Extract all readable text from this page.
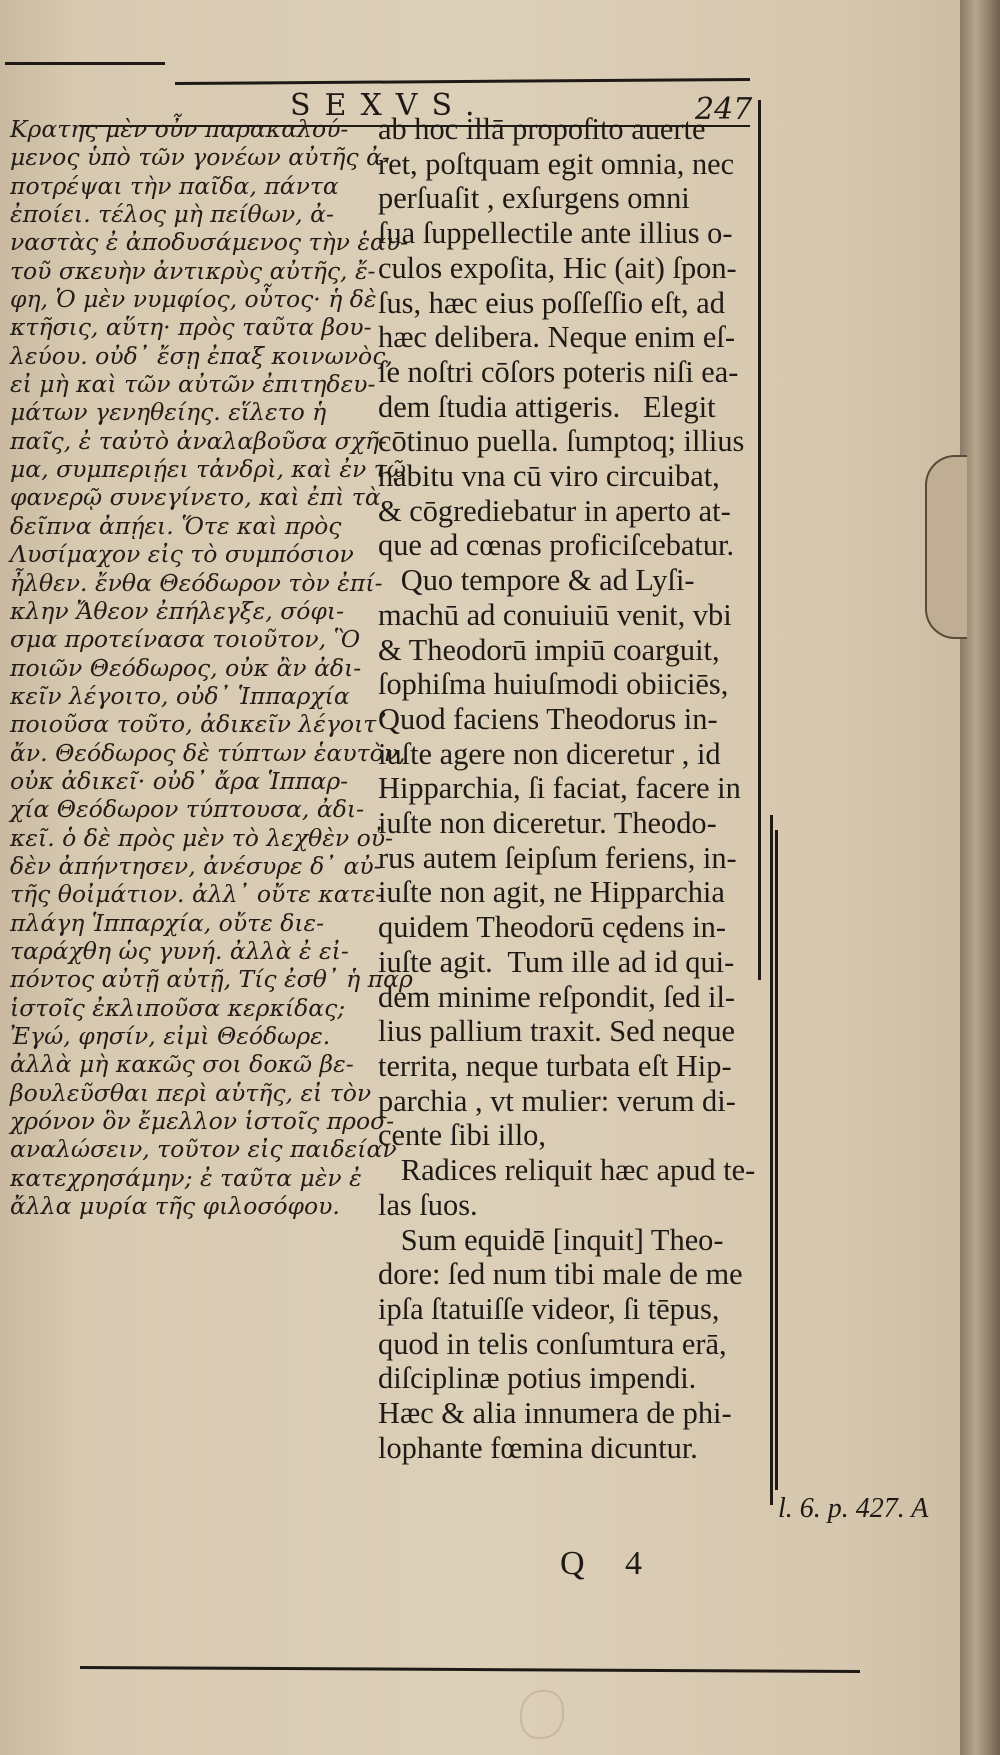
SEXVS.	247
Κρατης μὲν οὖν παρακαλού-
μενος ὑπὸ τῶν γονέων αὐτῆς ἀ-
ποτρέψαι τὴν παῖδα, πάντα
ἐποίει. τέλος μὴ πείθων, ἀ-
ναστὰς ἐ ἀποδυσάμενος τὴν ἑαυ-
τοῦ σκευὴν ἀντικρὺς αὐτῆς, ἔ-
φη, Ὁ μὲν νυμφίος, οὗτος· ἡ δὲ
κτῆσις, αὕτη· πρὸς ταῦτα βου-
λεύου. οὐδ᾽ ἔσῃ ἐπαξ κοινωνὸς,
εἰ μὴ καὶ τῶν αὐτῶν ἐπιτηδευ-
μάτων γενηθείης. εἵλετο ἡ
παῖς, ἐ ταὐτὸ ἀναλαβοῦσα σχῆ-
μα, συμπεριῄει τἀνδρὶ, καὶ ἐν τῷ
φανερῷ συνεγίνετο, καὶ ἐπὶ τὰ
δεῖπνα ἀπῄει. Ὅτε καὶ πρὸς
Λυσίμαχον εἰς τὸ συμπόσιον
ἦλθεν. ἔνθα Θεόδωρον τὸν ἐπί-
κλην Ἄθεον ἐπήλεγξε, σόφι-
σμα προτείνασα τοιοῦτον, Ὃ
ποιῶν Θεόδωρος, οὐκ ἂν ἀδι-
κεῖν λέγοιτο, οὐδ᾽ Ἱππαρχία
ποιοῦσα τοῦτο, ἀδικεῖν λέγοιτ᾽
ἄν. Θεόδωρος δὲ τύπτων ἑαυτὸν,
οὐκ ἀδικεῖ· οὐδ᾽ ἄρα Ἱππαρ-
χία Θεόδωρον τύπτουσα, ἀδι-
κεῖ. ὁ δὲ πρὸς μὲν τὸ λεχθὲν οὐ-
δὲν ἀπήντησεν, ἀνέσυρε δ᾽ αὐ-
τῆς θοἰμάτιον. ἀλλ᾽ οὔτε κατε-
πλάγη Ἱππαρχία, οὔτε διε-
ταράχθη ὡς γυνή. ἀλλὰ ἐ εἰ-
πόντος αὐτῇ αὐτῇ, Τίς ἐσθ᾽ ἡ παρ
ἱστοῖς ἐκλιποῦσα κερκίδας;
Ἐγώ, φησίν, εἰμὶ Θεόδωρε.
ἀλλὰ μὴ κακῶς σοι δοκῶ βε-
βουλεῦσθαι περὶ αὑτῆς, εἰ τὸν
χρόνον ὃν ἔμελλον ἱστοῖς προσ-
αναλώσειν, τοῦτον εἰς παιδείαν
κατεχρησάμην; ἐ ταῦτα μὲν ἐ
ἄλλα μυρία τῆς φιλοσόφου.
ab hoc illā propoſito auerte
ret, poſtquam egit omnia, nec
perſuaſit , exſurgens omni
ſua ſuppellectile ante illius o-
culos expoſita, Hic (ait) ſpon-
ſus, hæc eius poſſeſſio eſt, ad
hæc delibera. Neque enim eſ-
ſe noſtri cōſors poteris niſi ea-
dem ſtudia attigeris.   Elegit
cōtinuo puella. ſumptoq; illius
habitu vna cū viro circuibat,
& cōgrediebatur in aperto at-
que ad cœnas proficiſcebatur.
Quo tempore & ad Lyſi-
machū ad conuiuiū venit, vbi
& Theodorū impiū coarguit,
ſophiſma huiuſmodi obiiciēs,
Quod faciens Theodorus in-
iuſte agere non diceretur , id
Hipparchia, ſi faciat, facere in
iuſte non diceretur. Theodo-
rus autem ſeipſum feriens, in-
iuſte non agit, ne Hipparchia
quidem Theodorū cędens in-
iuſte agit.  Tum ille ad id qui-
dem minime reſpondit, ſed il-
lius pallium traxit. Sed neque
territa, neque turbata eſt Hip-
parchia , vt mulier: verum di-
cente ſibi illo,
Radices reliquit hæc apud te-
las ſuos.
Sum equidē [inquit] Theo-
dore: ſed num tibi male de me
ipſa ſtatuiſſe videor, ſi tēpus,
quod in telis conſumtura erā,
diſciplinæ potius impendi.
Hæc & alia innumera de phi-
lophante fœmina dicuntur.
l. 6. p. 427. A
Q 4
